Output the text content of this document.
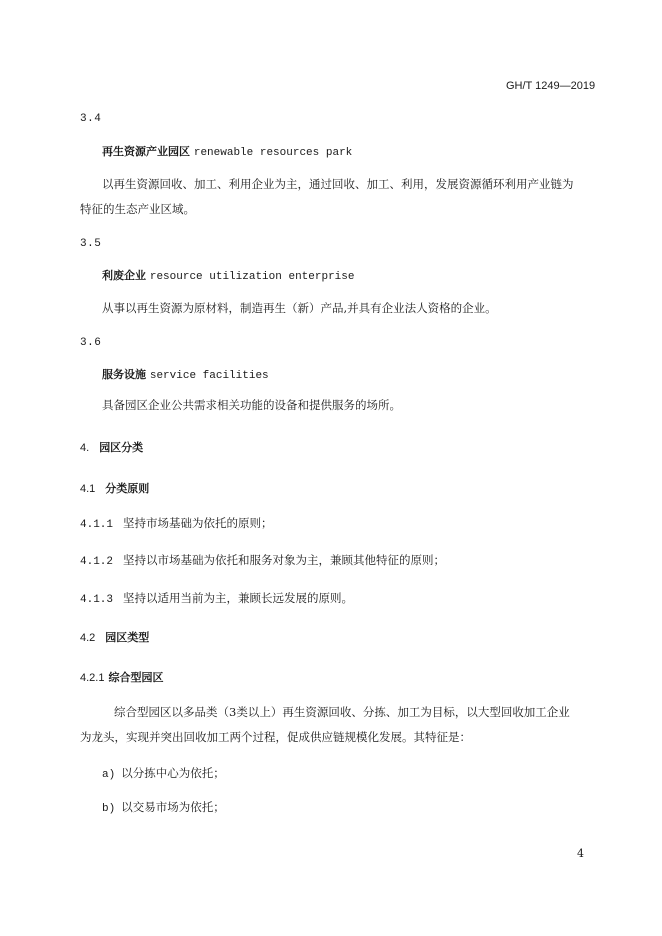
GH/T 1249—2019
3.4
再生资源产业园区 renewable resources park
以再生资源回收、加工、利用企业为主，通过回收、加工、利用，发展资源循环利用产业链为特征的生态产业区域。
3.5
利废企业 resource utilization enterprise
从事以再生资源为原材料，制造再生（新）产品,并具有企业法人资格的企业。
3.6
服务设施 service facilities
具备园区企业公共需求相关功能的设备和提供服务的场所。
4. 园区分类
4.1 分类原则
4.1.1 坚持市场基础为依托的原则；
4.1.2 坚持以市场基础为依托和服务对象为主，兼顾其他特征的原则；
4.1.3 坚持以适用当前为主，兼顾长远发展的原则。
4.2 园区类型
4.2.1 综合型园区
综合型园区以多品类（3类以上）再生资源回收、分拣、加工为目标，以大型回收加工企业为龙头，实现并突出回收加工两个过程，促成供应链规模化发展。其特征是：
a) 以分拣中心为依托；
b) 以交易市场为依托；
4
